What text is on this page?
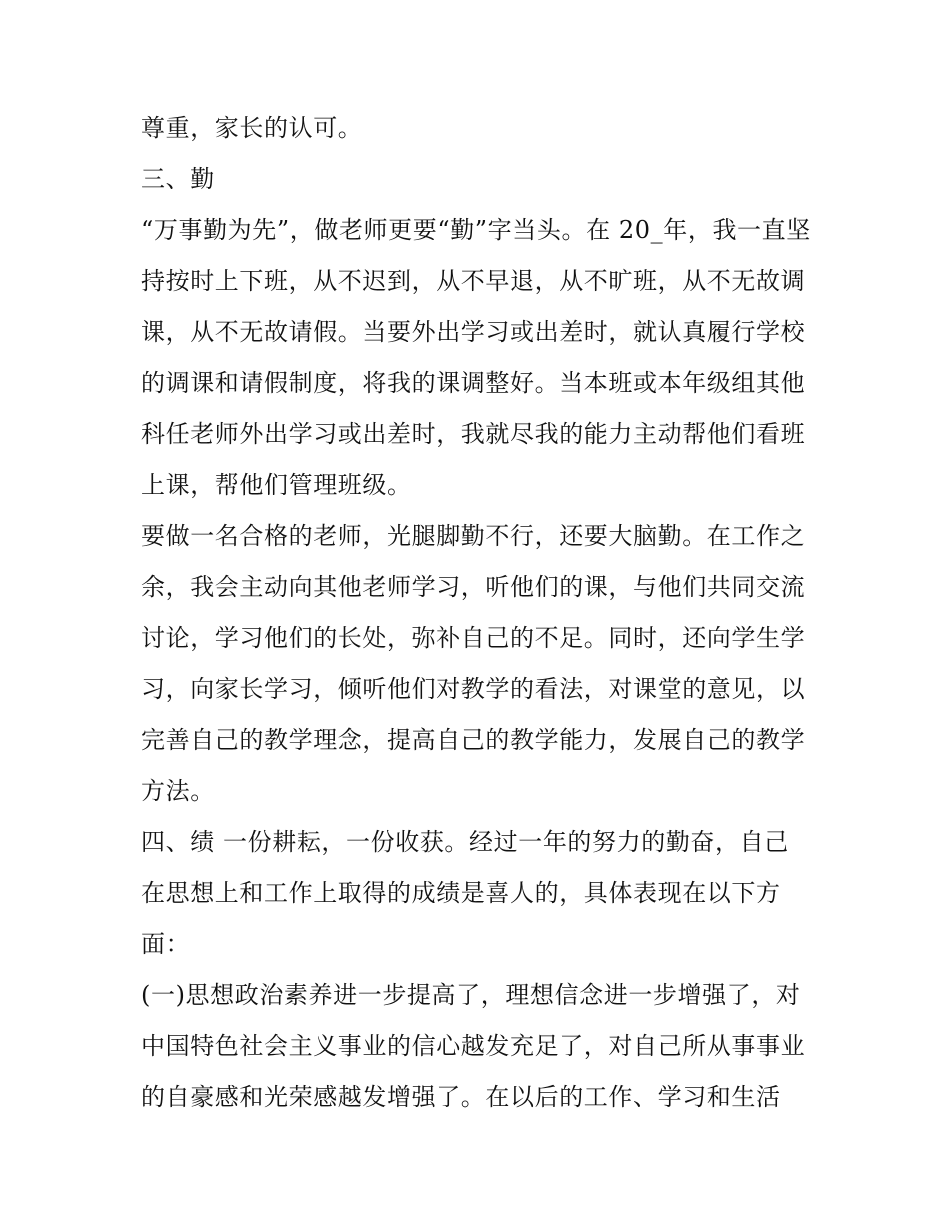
尊重，家长的认可。
三、勤
“万事勤为先”，做老师更要“勤”字当头。在 20_年，我一直坚
持按时上下班，从不迟到，从不早退，从不旷班，从不无故调
课，从不无故请假。当要外出学习或出差时，就认真履行学校
的调课和请假制度，将我的课调整好。当本班或本年级组其他
科任老师外出学习或出差时，我就尽我的能力主动帮他们看班
上课，帮他们管理班级。
要做一名合格的老师，光腿脚勤不行，还要大脑勤。在工作之
余，我会主动向其他老师学习，听他们的课，与他们共同交流
讨论，学习他们的长处，弥补自己的不足。同时，还向学生学
习，向家长学习，倾听他们对教学的看法，对课堂的意见，以
完善自己的教学理念，提高自己的教学能力，发展自己的教学
方法。
四、绩 一份耕耘，一份收获。经过一年的努力的勤奋，自己
在思想上和工作上取得的成绩是喜人的，具体表现在以下方
面：
(一)思想政治素养进一步提高了，理想信念进一步增强了，对
中国特色社会主义事业的信心越发充足了，对自己所从事事业
的自豪感和光荣感越发增强了。在以后的工作、学习和生活
